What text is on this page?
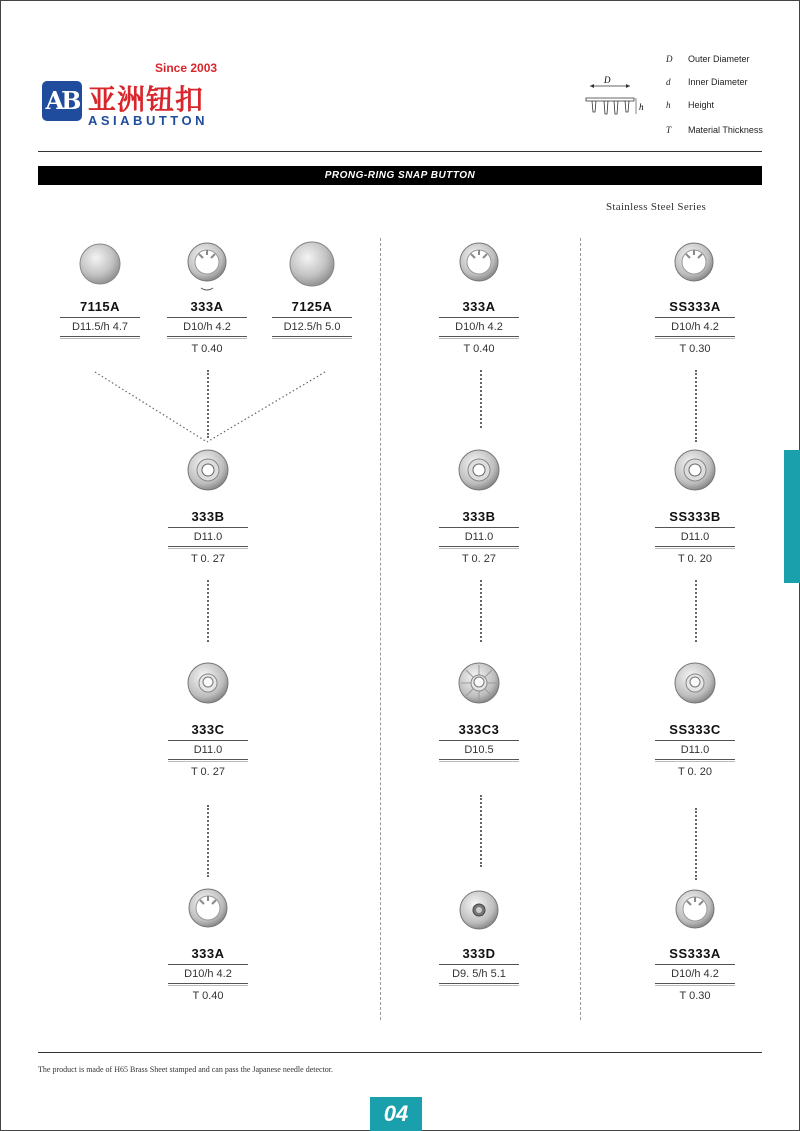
Since 2003
AB 亚洲钮扣
ASIABUTTON
D
h
D	Outer Diameter
d	Inner Diameter
h	Height
T	Material Thickness
PRONG-RING SNAP BUTTON
Stainless Steel Series
7115A
D11.5/h 4.7
333A
D10/h 4.2
T 0.40
7125A
D12.5/h 5.0
333B
D11.0
T 0. 27
333C
D11.0
T 0. 27
333A
D10/h 4.2
T 0.40
333A
D10/h 4.2
T 0.40
333B
D11.0
T 0. 27
333C3
D10.5
333D
D9. 5/h 5.1
SS333A
D10/h 4.2
T 0.30
SS333B
D11.0
T 0. 20
SS333C
D11.0
T 0. 20
SS333A
D10/h 4.2
T 0.30
The product is made of H65 Brass Sheet stamped and can pass the Japanese needle detector.
04
